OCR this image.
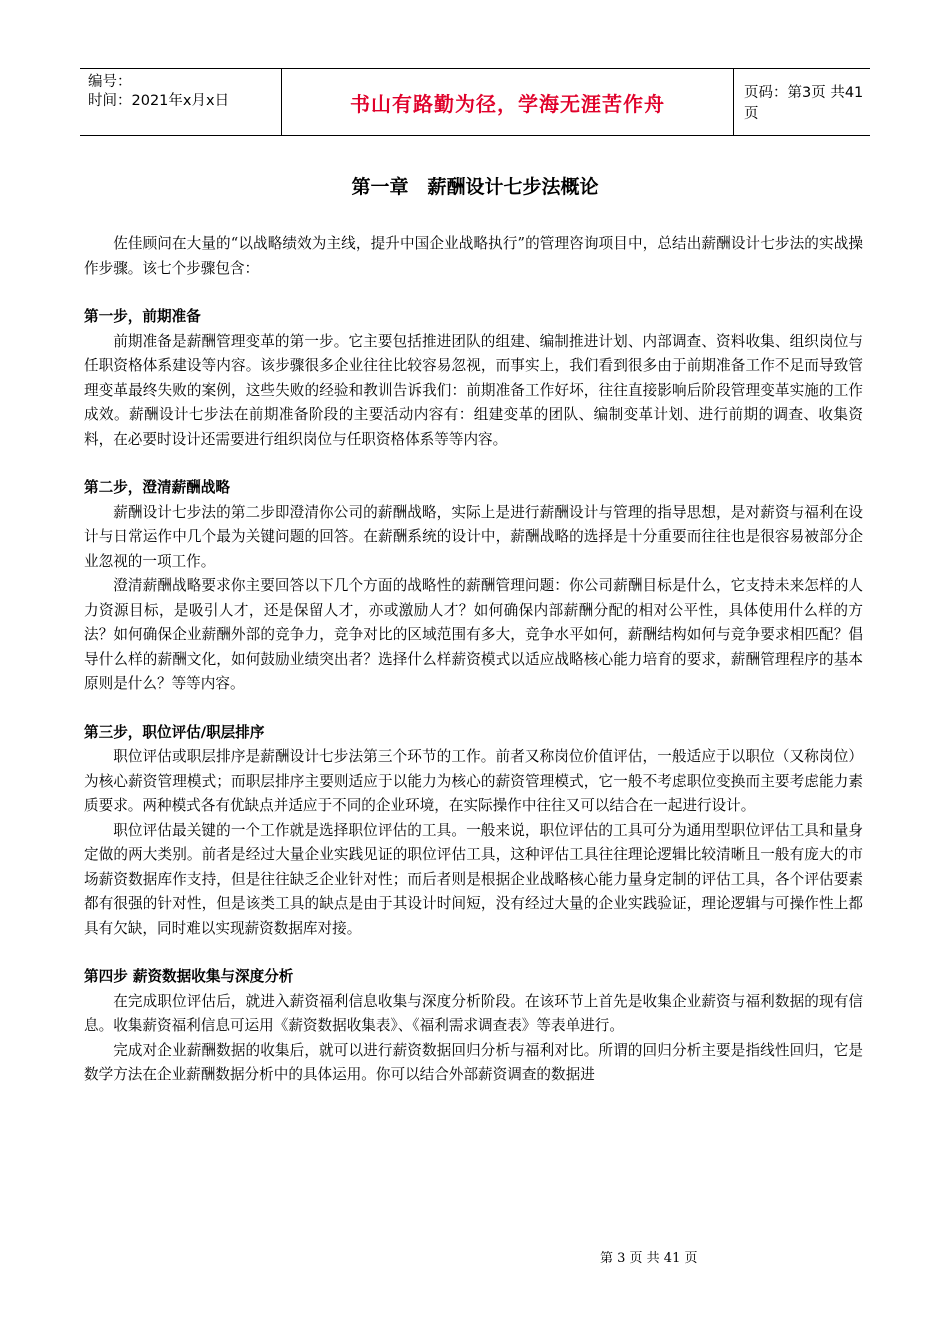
编号：
时间：2021年x月x日	书山有路勤为径，学海无涯苦作舟	页码：第3页 共41页
第一章　薪酬设计七步法概论

佐佳顾问在大量的“以战略绩效为主线，提升中国企业战略执行”的管理咨询项目中，总结出薪酬设计七步法的实战操作步骤。该七个步骤包含：

第一步，前期准备

前期准备是薪酬管理变革的第一步。它主要包括推进团队的组建、编制推进计划、内部调查、资料收集、组织岗位与任职资格体系建设等内容。该步骤很多企业往往比较容易忽视，而事实上，我们看到很多由于前期准备工作不足而导致管理变革最终失败的案例，这些失败的经验和教训告诉我们：前期准备工作好坏，往往直接影响后阶段管理变革实施的工作成效。薪酬设计七步法在前期准备阶段的主要活动内容有：组建变革的团队、编制变革计划、进行前期的调查、收集资料，在必要时设计还需要进行组织岗位与任职资格体系等等内容。

第二步，澄清薪酬战略

薪酬设计七步法的第二步即澄清你公司的薪酬战略，实际上是进行薪酬设计与管理的指导思想，是对薪资与福利在设计与日常运作中几个最为关键问题的回答。在薪酬系统的设计中，薪酬战略的选择是十分重要而往往也是很容易被部分企业忽视的一项工作。

澄清薪酬战略要求你主要回答以下几个方面的战略性的薪酬管理问题：你公司薪酬目标是什么，它支持未来怎样的人力资源目标，是吸引人才，还是保留人才，亦或激励人才？如何确保内部薪酬分配的相对公平性，具体使用什么样的方法？如何确保企业薪酬外部的竞争力，竞争对比的区域范围有多大，竞争水平如何，薪酬结构如何与竞争要求相匹配？倡导什么样的薪酬文化，如何鼓励业绩突出者？选择什么样薪资模式以适应战略核心能力培育的要求，薪酬管理程序的基本原则是什么？等等内容。

第三步，职位评估/职层排序

职位评估或职层排序是薪酬设计七步法第三个环节的工作。前者又称岗位价值评估，一般适应于以职位（又称岗位）为核心薪资管理模式；而职层排序主要则适应于以能力为核心的薪资管理模式，它一般不考虑职位变换而主要考虑能力素质要求。两种模式各有优缺点并适应于不同的企业环境，在实际操作中往往又可以结合在一起进行设计。

职位评估最关键的一个工作就是选择职位评估的工具。一般来说，职位评估的工具可分为通用型职位评估工具和量身定做的两大类别。前者是经过大量企业实践见证的职位评估工具，这种评估工具往往理论逻辑比较清晰且一般有庞大的市场薪资数据库作支持，但是往往缺乏企业针对性；而后者则是根据企业战略核心能力量身定制的评估工具，各个评估要素都有很强的针对性，但是该类工具的缺点是由于其设计时间短，没有经过大量的企业实践验证，理论逻辑与可操作性上都具有欠缺，同时难以实现薪资数据库对接。

第四步 薪资数据收集与深度分析

在完成职位评估后，就进入薪资福利信息收集与深度分析阶段。在该环节上首先是收集企业薪资与福利数据的现有信息。收集薪资福利信息可运用《薪资数据收集表》、《福利需求调查表》等表单进行。

完成对企业薪酬数据的收集后，就可以进行薪资数据回归分析与福利对比。所谓的回归分析主要是指线性回归，它是数学方法在企业薪酬数据分析中的具体运用。你可以结合外部薪资调查的数据进

第 3 页 共 41 页
